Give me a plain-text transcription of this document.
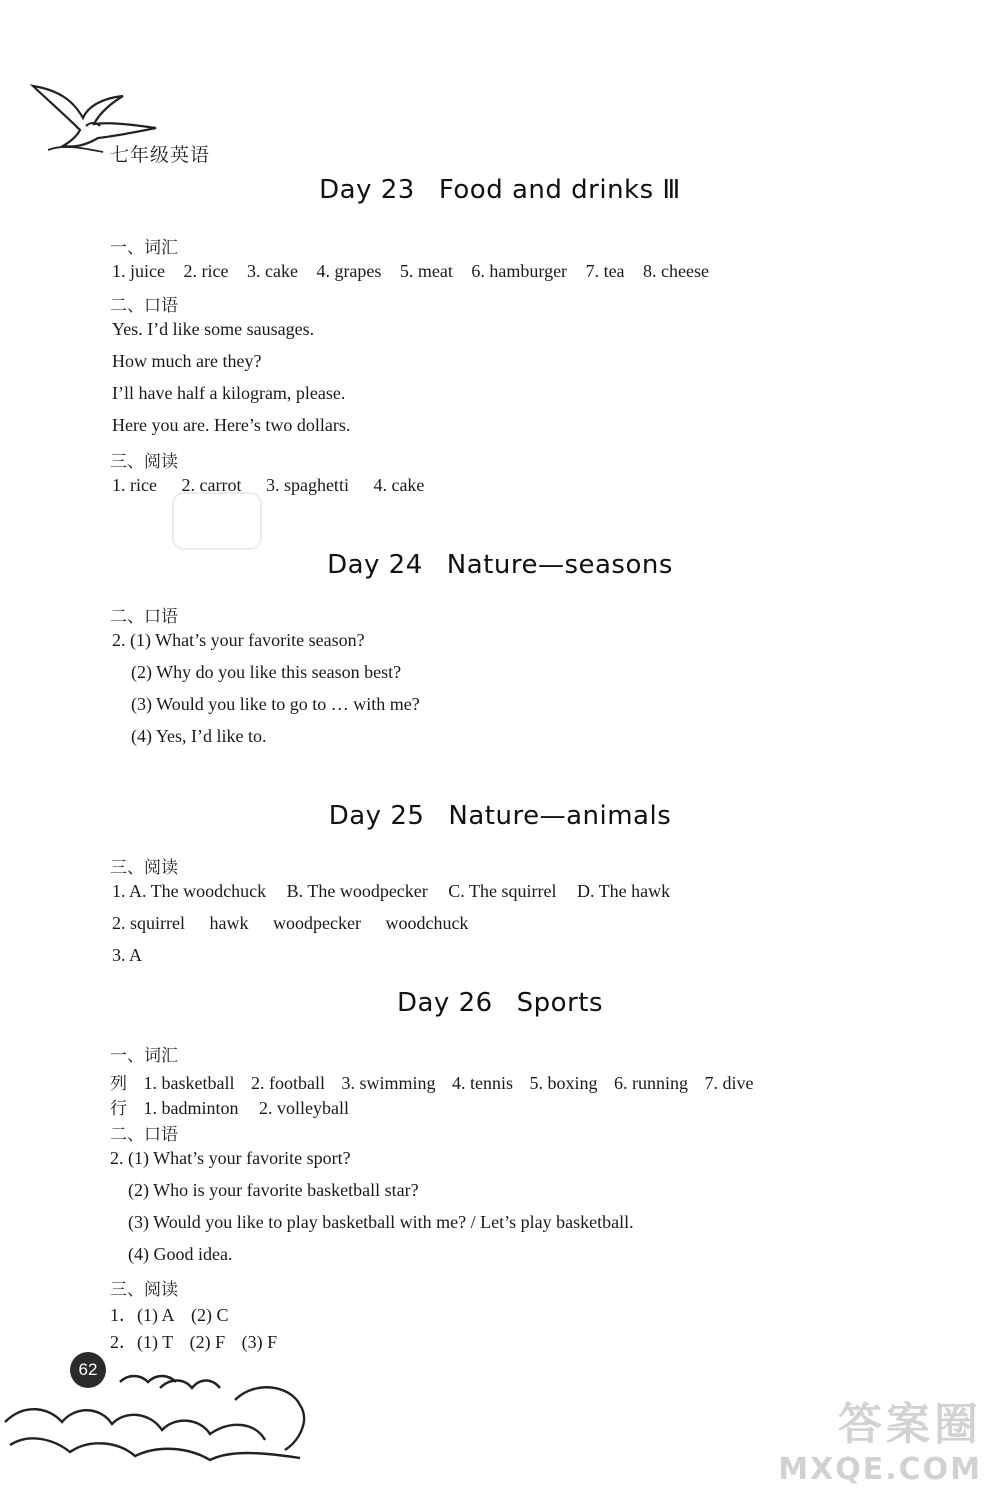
七年级英语
Day 23 Food and drinks Ⅲ
一、词汇
1. juice 2. rice 3. cake 4. grapes 5. meat 6. hamburger 7. tea 8. cheese
二、口语
Yes. I’d like some sausages.
How much are they?
I’ll have half a kilogram, please.
Here you are. Here’s two dollars.
三、阅读
1. rice 2. carrot 3. spaghetti 4. cake
Day 24 Nature—seasons
二、口语
2. (1) What’s your favorite season?
(2) Why do you like this season best?
(3) Would you like to go to … with me?
(4) Yes, I’d like to.
Day 25 Nature—animals
三、阅读
1. A. The woodchuck B. The woodpecker C. The squirrel D. The hawk
2. squirrel hawk woodpecker woodchuck
3. A
Day 26 Sports
一、词汇
列 1. basketball 2. football 3. swimming 4. tennis 5. boxing 6. running 7. dive
行 1. badminton 2. volleyball
二、口语
2. (1) What’s your favorite sport?
(2) Who is your favorite basketball star?
(3) Would you like to play basketball with me? / Let’s play basketball.
(4) Good idea.
三、阅读
1．(1) A (2) C
2．(1) T (2) F (3) F
62
答案圈
MXQE.COM
